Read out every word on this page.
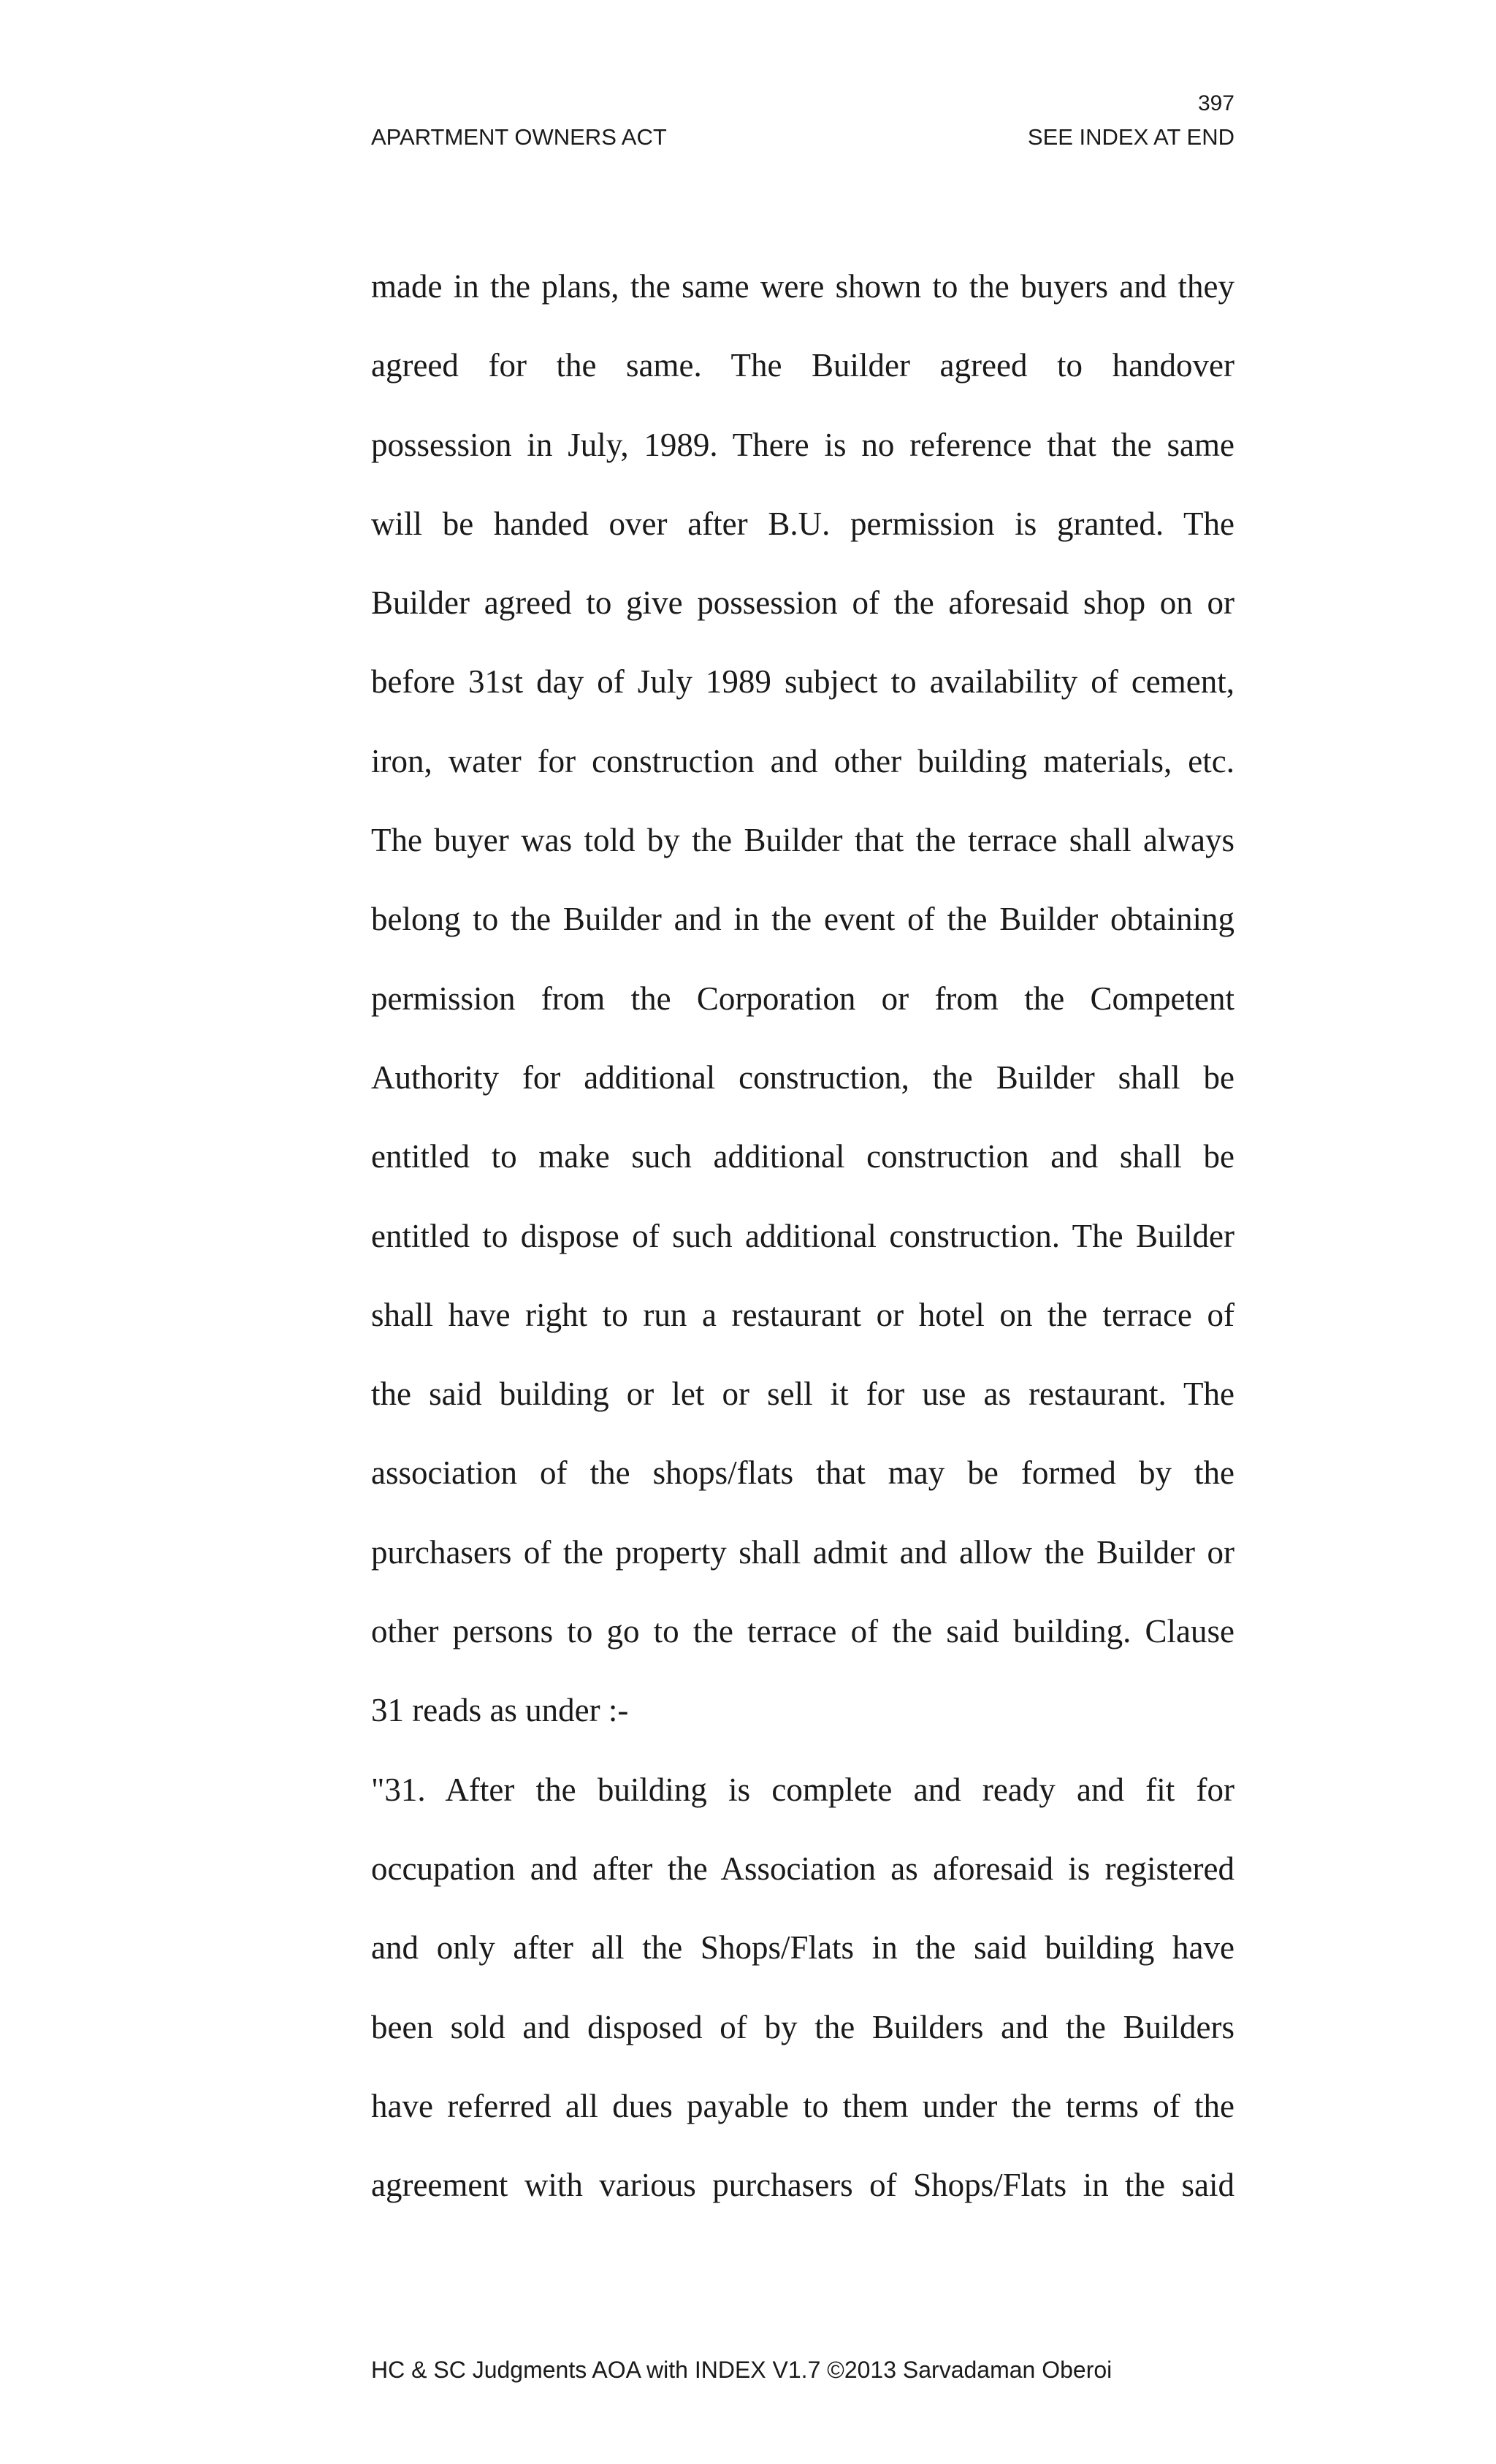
397
APARTMENT OWNERS ACT	SEE INDEX AT END
made in the plans, the same were shown to the buyers and they
agreed for the same. The Builder agreed to handover
possession in July, 1989. There is no reference that the same
will be handed over after B.U. permission is granted. The
Builder agreed to give possession of the aforesaid shop on or
before 31st day of July 1989 subject to availability of cement,
iron, water for construction and other building materials, etc.
The buyer was told by the Builder that the terrace shall always
belong to the Builder and in the event of the Builder obtaining
permission from the Corporation or from the Competent
Authority for additional construction, the Builder shall be
entitled to make such additional construction and shall be
entitled to dispose of such additional construction. The Builder
shall have right to run a restaurant or hotel on the terrace of
the said building or let or sell it for use as restaurant. The
association of the shops/flats that may be formed by the
purchasers of the property shall admit and allow the Builder or
other persons to go to the terrace of the said building. Clause
31 reads as under :-
"31. After the building is complete and ready and fit for
occupation and after the Association as aforesaid is registered
and only after all the Shops/Flats in the said building have
been sold and disposed of by the Builders and the Builders
have referred all dues payable to them under the terms of the
agreement with various purchasers of Shops/Flats in the said
HC & SC Judgments AOA with INDEX V1.7 ©2013 Sarvadaman Oberoi
